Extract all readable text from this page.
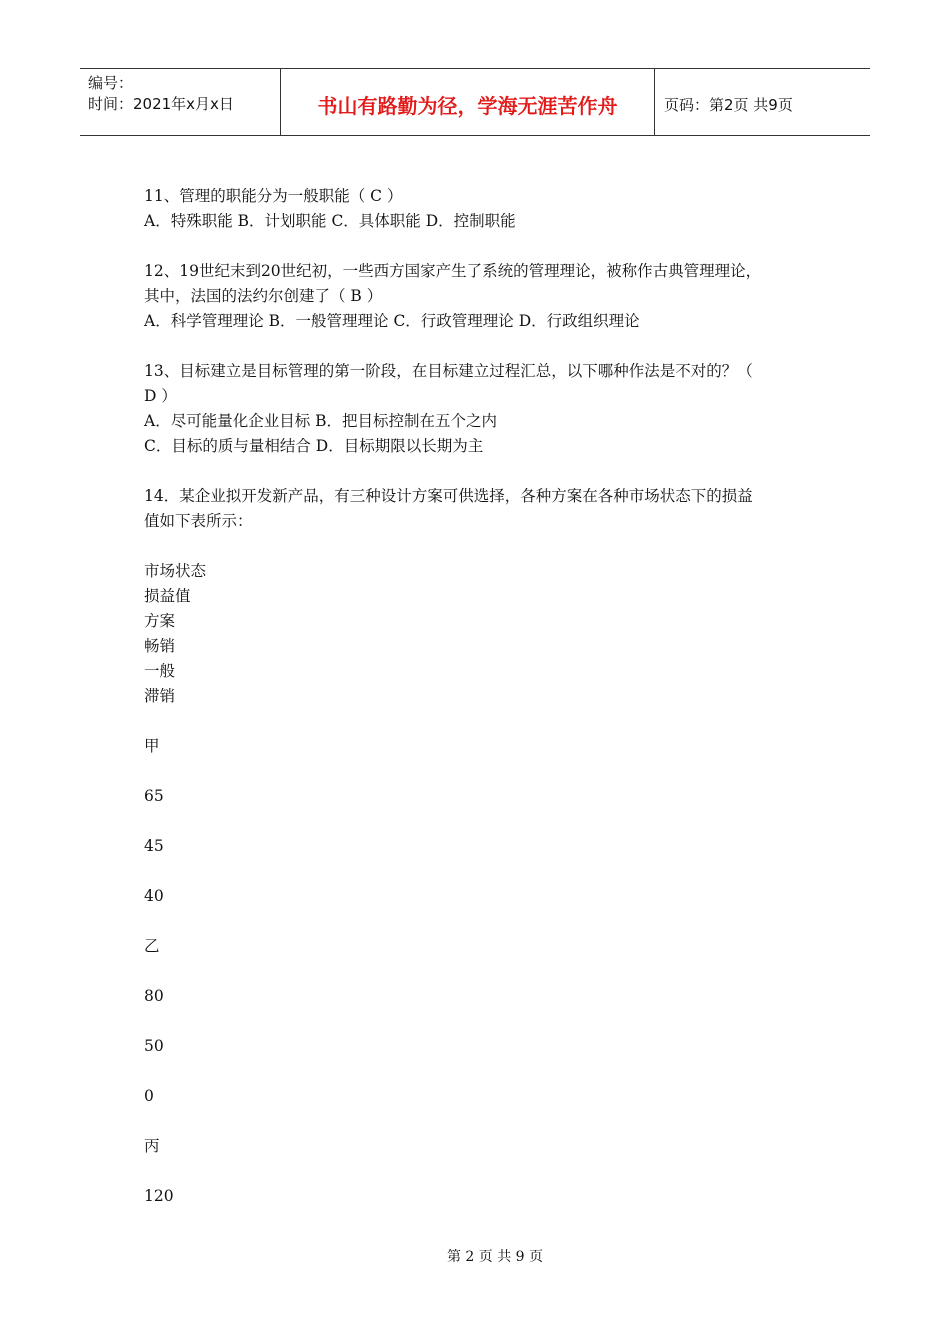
编号：
时间：2021年x月x日	书山有路勤为径，学海无涯苦作舟	页码：第2页 共9页

11、管理的职能分为一般职能（ C ）

A．特殊职能 B．计划职能 C．具体职能 D．控制职能

12、19世纪末到20世纪初，一些西方国家产生了系统的管理理论，被称作古典管理理论，

其中，法国的法约尔创建了（ B ）

A．科学管理理论 B．一般管理理论 C．行政管理理论 D．行政组织理论

13、目标建立是目标管理的第一阶段，在目标建立过程汇总，以下哪种作法是不对的？（

D ）

A．尽可能量化企业目标 B．把目标控制在五个之内

C．目标的质与量相结合 D．目标期限以长期为主

14．某企业拟开发新产品，有三种设计方案可供选择，各种方案在各种市场状态下的损益

值如下表所示：

市场状态

损益值

方案

畅销

一般

滞销

甲

65

45

40

乙

80

50

0

丙

120

第 2 页 共 9 页
